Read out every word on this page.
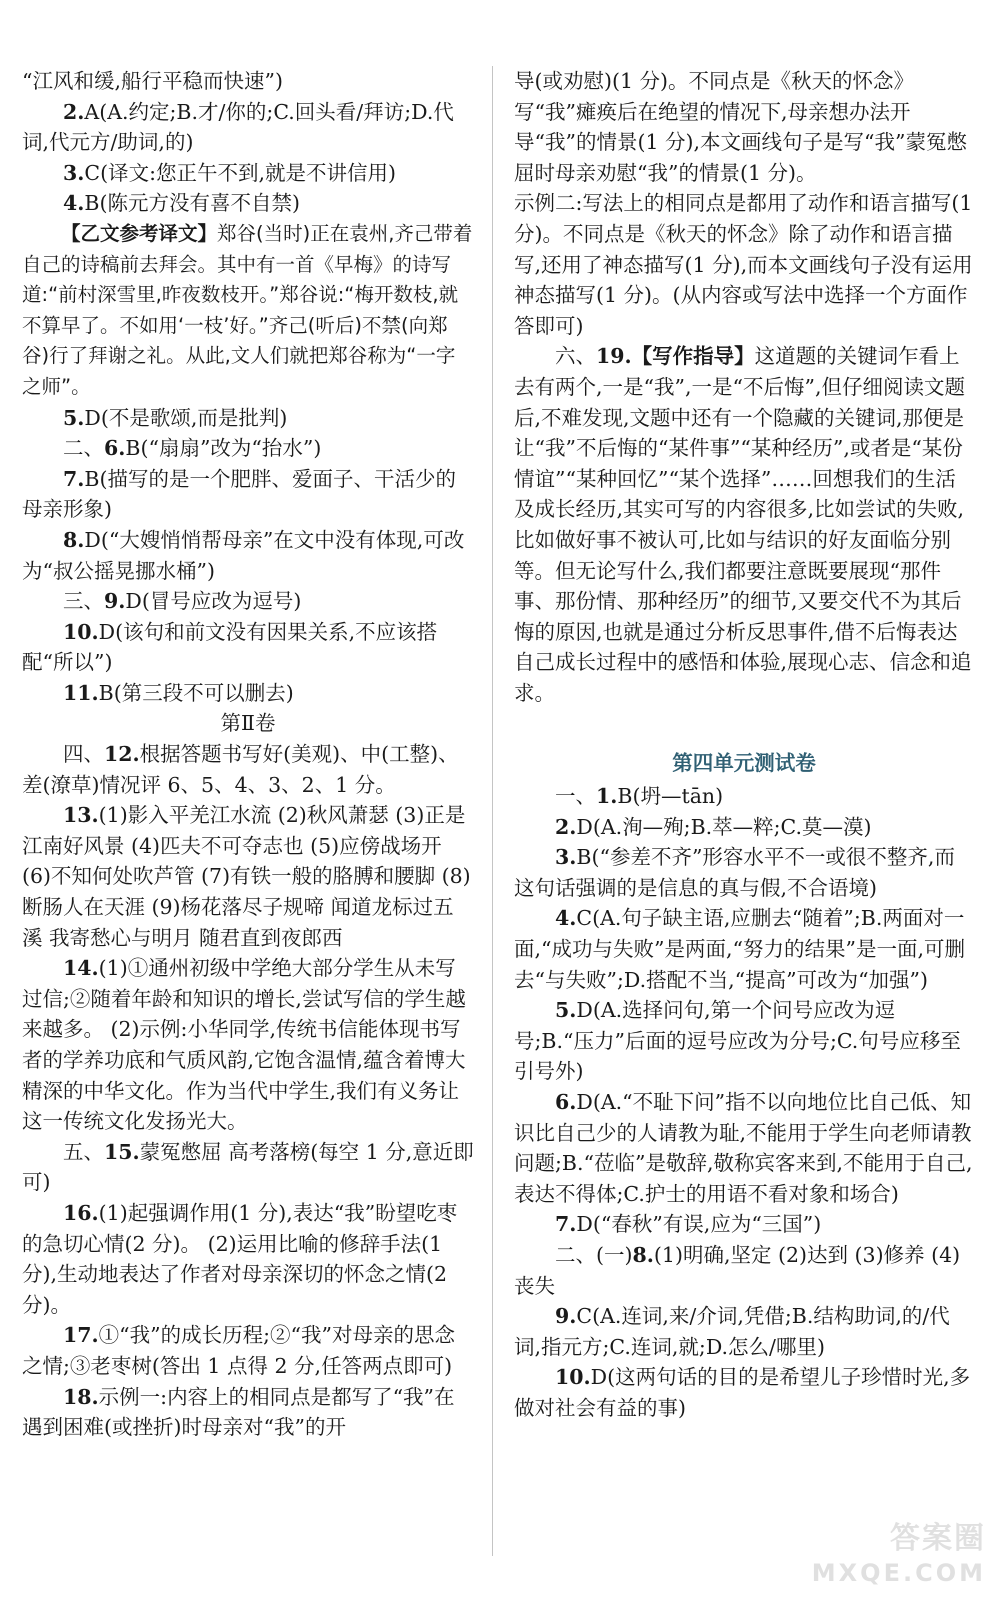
“江风和缓,船行平稳而快速”)

2.A(A.约定;B.才/你的;C.回头看/拜访;D.代词,代元方/助词,的)

3.C(译文:您正午不到,就是不讲信用)

4.B(陈元方没有喜不自禁)

【乙文参考译文】郑谷(当时)正在袁州,齐己带着自己的诗稿前去拜会。其中有一首《早梅》的诗写道:“前村深雪里,昨夜数枝开。”郑谷说:“梅开数枝,就不算早了。不如用‘一枝’好。”齐己(听后)不禁(向郑谷)行了拜谢之礼。从此,文人们就把郑谷称为“一字之师”。

5.D(不是歌颂,而是批判)

二、6.B(“扇扇”改为“抬水”)

7.B(描写的是一个肥胖、爱面子、干活少的母亲形象)

8.D(“大嫂悄悄帮母亲”在文中没有体现,可改为“叔公摇晃挪水桶”)

三、9.D(冒号应改为逗号)

10.D(该句和前文没有因果关系,不应该搭配“所以”)

11.B(第三段不可以删去)

第Ⅱ卷

四、12.根据答题书写好(美观)、中(工整)、差(潦草)情况评 6、5、4、3、2、1 分。

13.(1)影入平羌江水流 (2)秋风萧瑟 (3)正是江南好风景 (4)匹夫不可夺志也 (5)应傍战场开 (6)不知何处吹芦管 (7)有铁一般的胳膊和腰脚 (8)断肠人在天涯 (9)杨花落尽子规啼 闻道龙标过五溪 我寄愁心与明月 随君直到夜郎西

14.(1)①通州初级中学绝大部分学生从未写过信;②随着年龄和知识的增长,尝试写信的学生越来越多。 (2)示例:小华同学,传统书信能体现书写者的学养功底和气质风韵,它饱含温情,蕴含着博大精深的中华文化。作为当代中学生,我们有义务让这一传统文化发扬光大。

五、15.蒙冤憋屈 高考落榜(每空 1 分,意近即可)

16.(1)起强调作用(1 分),表达“我”盼望吃枣的急切心情(2 分)。 (2)运用比喻的修辞手法(1 分),生动地表达了作者对母亲深切的怀念之情(2 分)。

17.①“我”的成长历程;②“我”对母亲的思念之情;③老枣树(答出 1 点得 2 分,任答两点即可)

18.示例一:内容上的相同点是都写了“我”在遇到困难(或挫折)时母亲对“我”的开

导(或劝慰)(1 分)。不同点是《秋天的怀念》写“我”瘫痪后在绝望的情况下,母亲想办法开导“我”的情景(1 分),本文画线句子是写“我”蒙冤憋屈时母亲劝慰“我”的情景(1 分)。

示例二:写法上的相同点是都用了动作和语言描写(1 分)。不同点是《秋天的怀念》除了动作和语言描写,还用了神态描写(1 分),而本文画线句子没有运用神态描写(1 分)。(从内容或写法中选择一个方面作答即可)

六、19.【写作指导】这道题的关键词乍看上去有两个,一是“我”,一是“不后悔”,但仔细阅读文题后,不难发现,文题中还有一个隐藏的关键词,那便是让“我”不后悔的“某件事”“某种经历”,或者是“某份情谊”“某种回忆”“某个选择”……回想我们的生活及成长经历,其实可写的内容很多,比如尝试的失败,比如做好事不被认可,比如与结识的好友面临分别等。但无论写什么,我们都要注意既要展现“那件事、那份情、那种经历”的细节,又要交代不为其后悔的原因,也就是通过分析反思事件,借不后悔表达自己成长过程中的感悟和体验,展现心志、信念和追求。

第四单元测试卷

一、1.B(坍—tān)

2.D(A.洵—殉;B.萃—粹;C.莫—漠)

3.B(“参差不齐”形容水平不一或很不整齐,而这句话强调的是信息的真与假,不合语境)

4.C(A.句子缺主语,应删去“随着”;B.两面对一面,“成功与失败”是两面,“努力的结果”是一面,可删去“与失败”;D.搭配不当,“提高”可改为“加强”)

5.D(A.选择问句,第一个问号应改为逗号;B.“压力”后面的逗号应改为分号;C.句号应移至引号外)

6.D(A.“不耻下问”指不以向地位比自己低、知识比自己少的人请教为耻,不能用于学生向老师请教问题;B.“莅临”是敬辞,敬称宾客来到,不能用于自己,表达不得体;C.护士的用语不看对象和场合)

7.D(“春秋”有误,应为“三国”)

二、(一)8.(1)明确,坚定 (2)达到 (3)修养 (4)丧失

9.C(A.连词,来/介词,凭借;B.结构助词,的/代词,指元方;C.连词,就;D.怎么/哪里)

10.D(这两句话的目的是希望儿子珍惜时光,多做对社会有益的事)

答案圈
MXQE.COM
